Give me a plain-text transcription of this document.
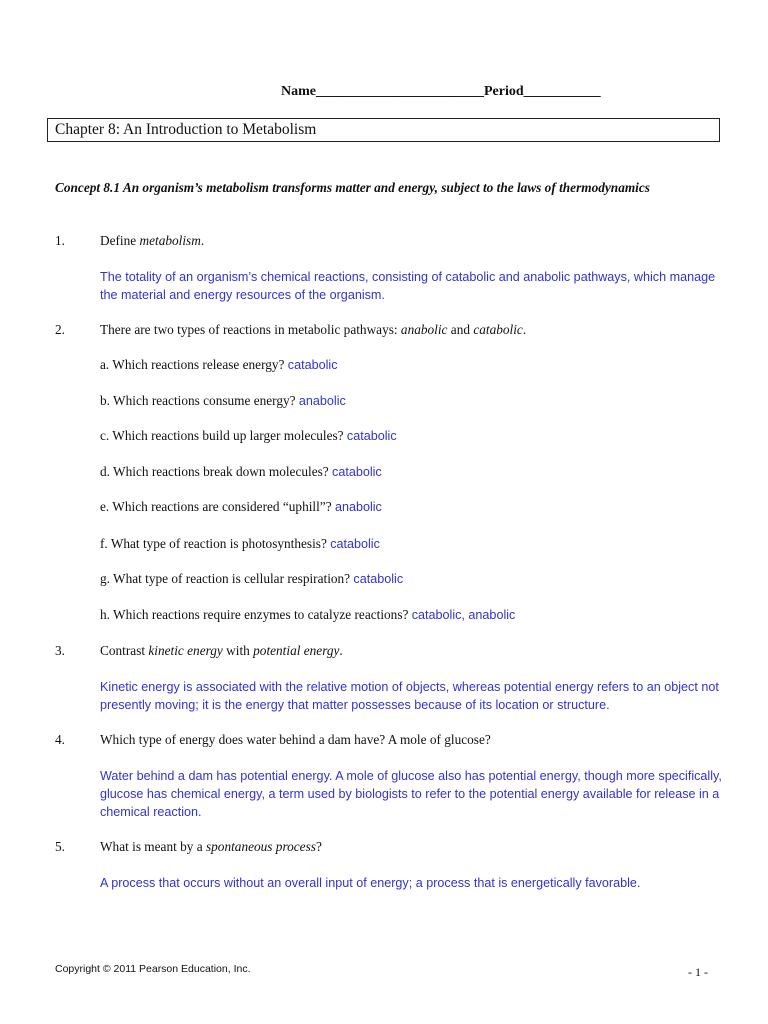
Name________________________Period___________
Chapter 8: An Introduction to Metabolism
Concept 8.1 An organism’s metabolism transforms matter and energy, subject to the laws of thermodynamics
1.	Define metabolism.
The totality of an organism’s chemical reactions, consisting of catabolic and anabolic pathways, which manage the material and energy resources of the organism.
2.	There are two types of reactions in metabolic pathways: anabolic and catabolic.
a. Which reactions release energy? catabolic
b. Which reactions consume energy? anabolic
c. Which reactions build up larger molecules? catabolic
d. Which reactions break down molecules? catabolic
e. Which reactions are considered “uphill”? anabolic
f. What type of reaction is photosynthesis? catabolic
g. What type of reaction is cellular respiration? catabolic
h. Which reactions require enzymes to catalyze reactions? catabolic, anabolic
3.	Contrast kinetic energy with potential energy.
Kinetic energy is associated with the relative motion of objects, whereas potential energy refers to an object not presently moving; it is the energy that matter possesses because of its location or structure.
4.	Which type of energy does water behind a dam have? A mole of glucose?
Water behind a dam has potential energy. A mole of glucose also has potential energy, though more specifically, glucose has chemical energy, a term used by biologists to refer to the potential energy available for release in a chemical reaction.
5.	What is meant by a spontaneous process?
A process that occurs without an overall input of energy; a process that is energetically favorable.
Copyright © 2011 Pearson Education, Inc.	- 1 -
